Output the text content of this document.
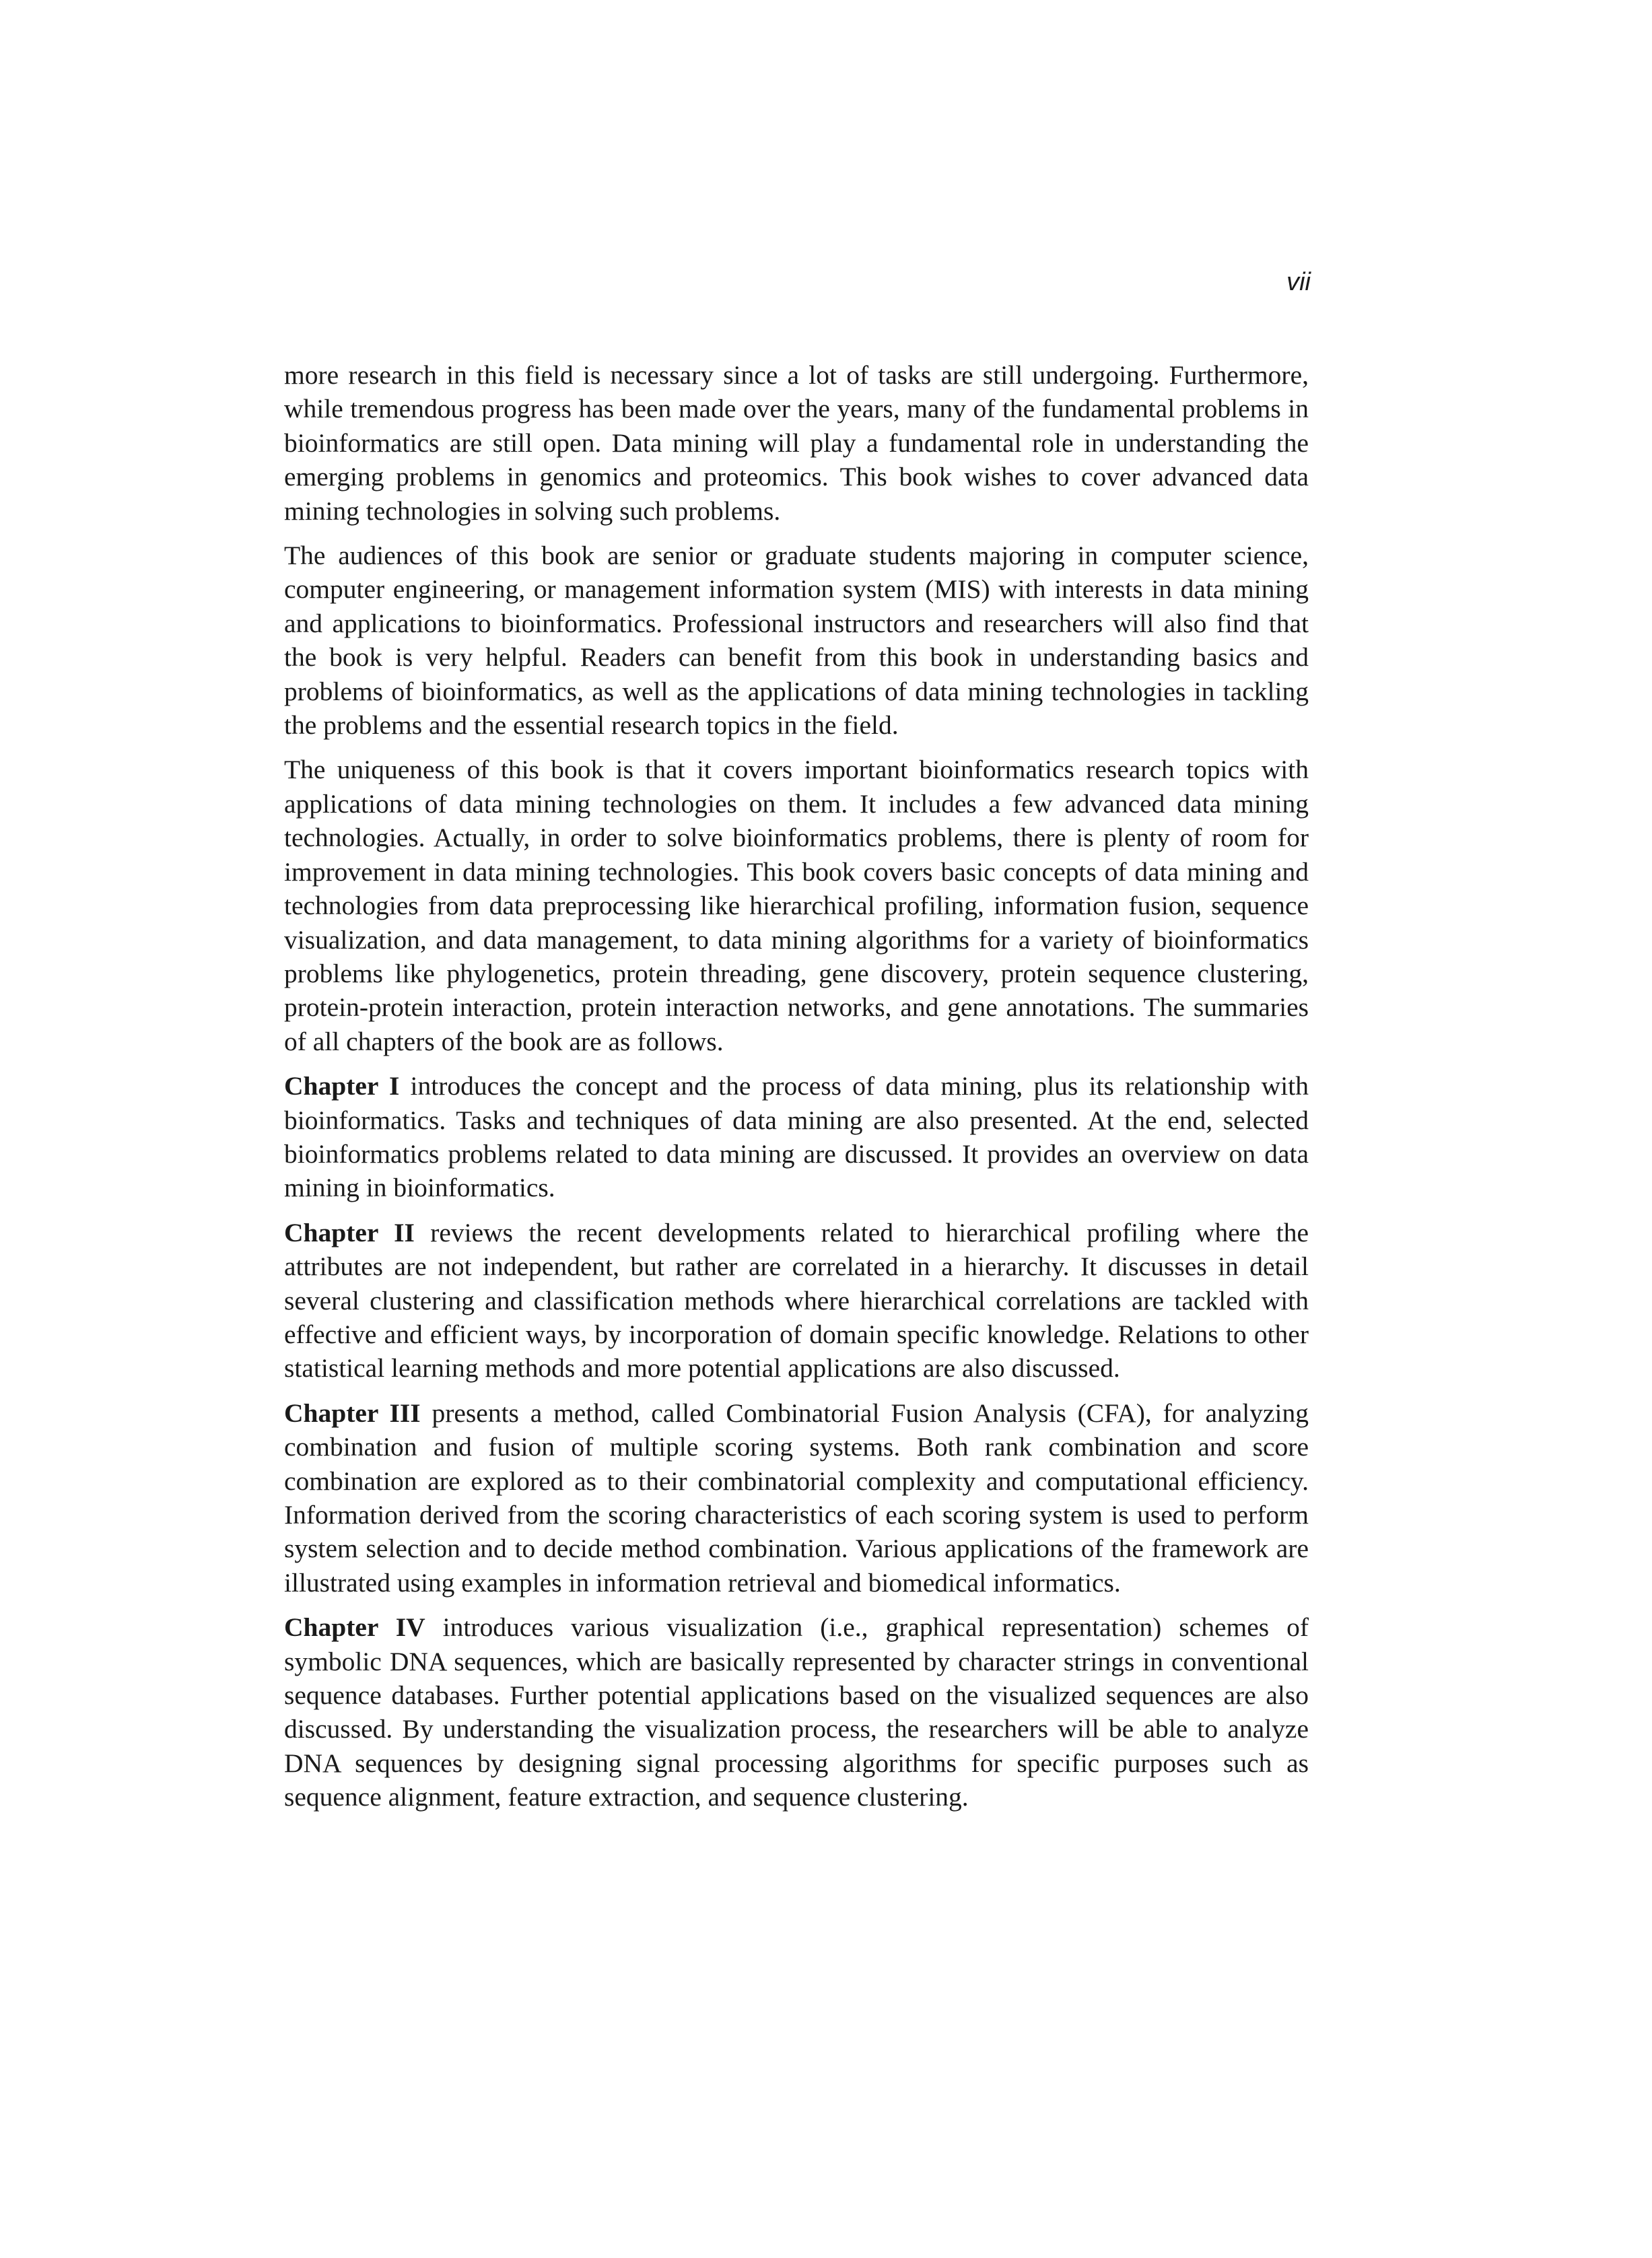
vii

more research in this field is necessary since a lot of tasks are still undergoing. Furthermore, while tremendous progress has been made over the years, many of the fundamental problems in bioinformatics are still open. Data mining will play a fundamental role in understanding the emerging problems in genomics and proteomics. This book wishes to cover advanced data mining technologies in solving such problems.

The audiences of this book are senior or graduate students majoring in computer science, computer engineering, or management information system (MIS) with interests in data mining and applications to bioinformatics. Professional instructors and researchers will also find that the book is very helpful. Readers can benefit from this book in understanding basics and problems of bioinformatics, as well as the applications of data mining technologies in tackling the problems and the essential research topics in the field.

The uniqueness of this book is that it covers important bioinformatics research topics with applications of data mining technologies on them. It includes a few advanced data mining technologies. Actually, in order to solve bioinformatics problems, there is plenty of room for improvement in data mining technologies. This book covers basic concepts of data mining and technologies from data preprocessing like hierarchical profiling, information fusion, sequence visualization, and data management, to data mining algorithms for a variety of bioinformatics problems like phylogenetics, protein threading, gene discovery, protein sequence clustering, protein-protein interaction, protein interaction networks, and gene annotations. The summaries of all chapters of the book are as follows.

Chapter I introduces the concept and the process of data mining, plus its relationship with bioinformatics. Tasks and techniques of data mining are also presented. At the end, selected bioinformatics problems related to data mining are discussed. It provides an overview on data mining in bioinformatics.

Chapter II reviews the recent developments related to hierarchical profiling where the attributes are not independent, but rather are correlated in a hierarchy. It discusses in detail several clustering and classification methods where hierarchical correlations are tackled with effective and efficient ways, by incorporation of domain specific knowledge. Relations to other statistical learning methods and more potential applications are also discussed.

Chapter III presents a method, called Combinatorial Fusion Analysis (CFA), for analyzing combination and fusion of multiple scoring systems. Both rank combination and score combination are explored as to their combinatorial complexity and computational efficiency. Information derived from the scoring characteristics of each scoring system is used to perform system selection and to decide method combination. Various applications of the framework are illustrated using examples in information retrieval and biomedical informatics.

Chapter IV introduces various visualization (i.e., graphical representation) schemes of symbolic DNA sequences, which are basically represented by character strings in conventional sequence databases. Further potential applications based on the visualized sequences are also discussed. By understanding the visualization process, the researchers will be able to analyze DNA sequences by designing signal processing algorithms for specific purposes such as sequence alignment, feature extraction, and sequence clustering.
